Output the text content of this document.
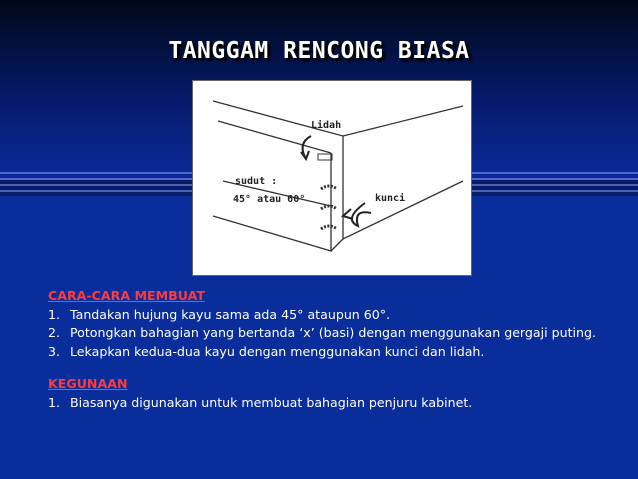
TANGGAM RENCONG BIASA
Lidah
sudut :
45° atau 60°	kunci
CARA-CARA MEMBUAT
1. Tandakan hujung kayu sama ada 45° ataupun 60°.
2. Potongkan bahagian yang bertanda ‘x’ (basi) dengan menggunakan gergaji puting.
3. Lekapkan kedua-dua kayu dengan menggunakan kunci dan lidah.
KEGUNAAN
1. Biasanya digunakan untuk membuat bahagian penjuru kabinet.
